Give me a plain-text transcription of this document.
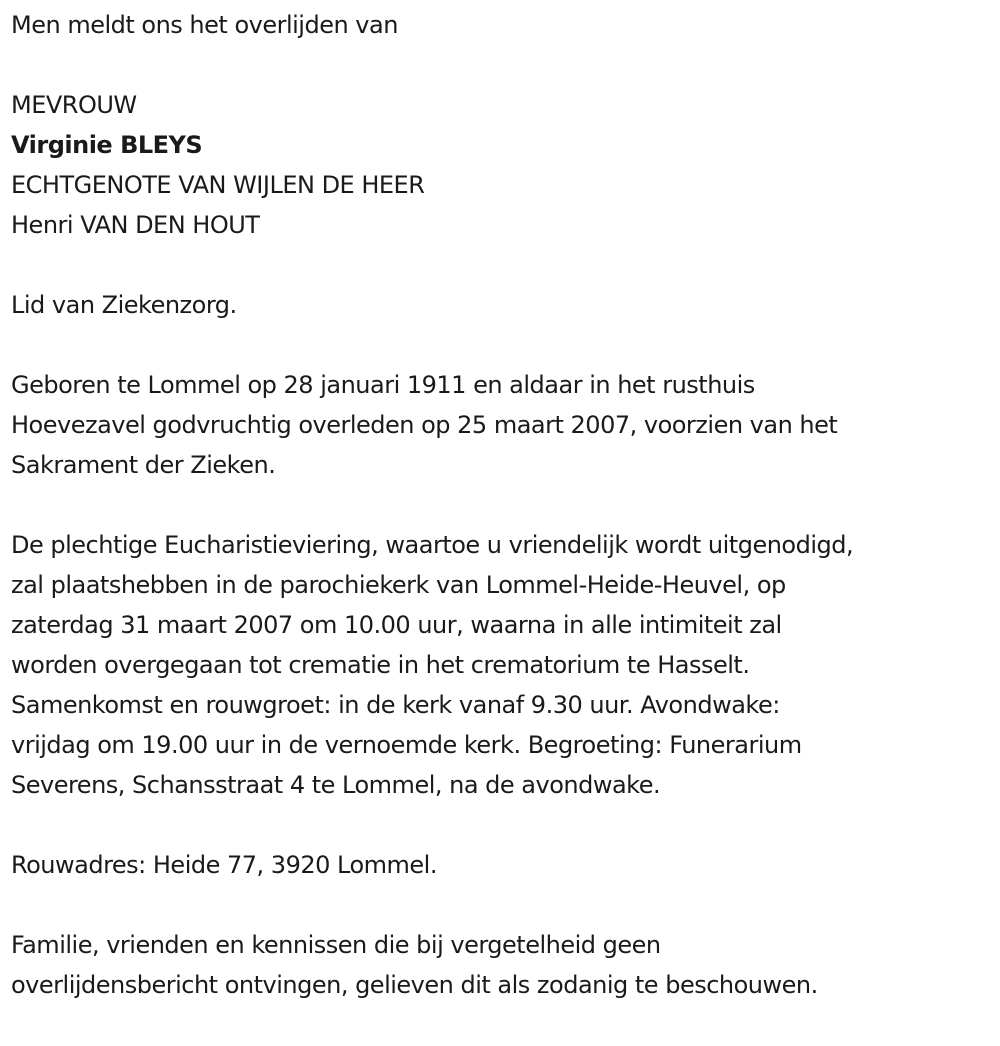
Men meldt ons het overlijden van
MEVROUW
Virginie BLEYS
ECHTGENOTE VAN WIJLEN DE HEER
Henri VAN DEN HOUT
Lid van Ziekenzorg.
Geboren te Lommel op 28 januari 1911 en aldaar in het rusthuis
Hoevezavel godvruchtig overleden op 25 maart 2007, voorzien van het
Sakrament der Zieken.
De plechtige Eucharistieviering, waartoe u vriendelijk wordt uitgenodigd,
zal plaatshebben in de parochiekerk van Lommel-Heide-Heuvel, op
zaterdag 31 maart 2007 om 10.00 uur, waarna in alle intimiteit zal
worden overgegaan tot crematie in het crematorium te Hasselt.
Samenkomst en rouwgroet: in de kerk vanaf 9.30 uur. Avondwake:
vrijdag om 19.00 uur in de vernoemde kerk. Begroeting: Funerarium
Severens, Schansstraat 4 te Lommel, na de avondwake.
Rouwadres: Heide 77, 3920 Lommel.
Familie, vrienden en kennissen die bij vergetelheid geen
overlijdensbericht ontvingen, gelieven dit als zodanig te beschouwen.
